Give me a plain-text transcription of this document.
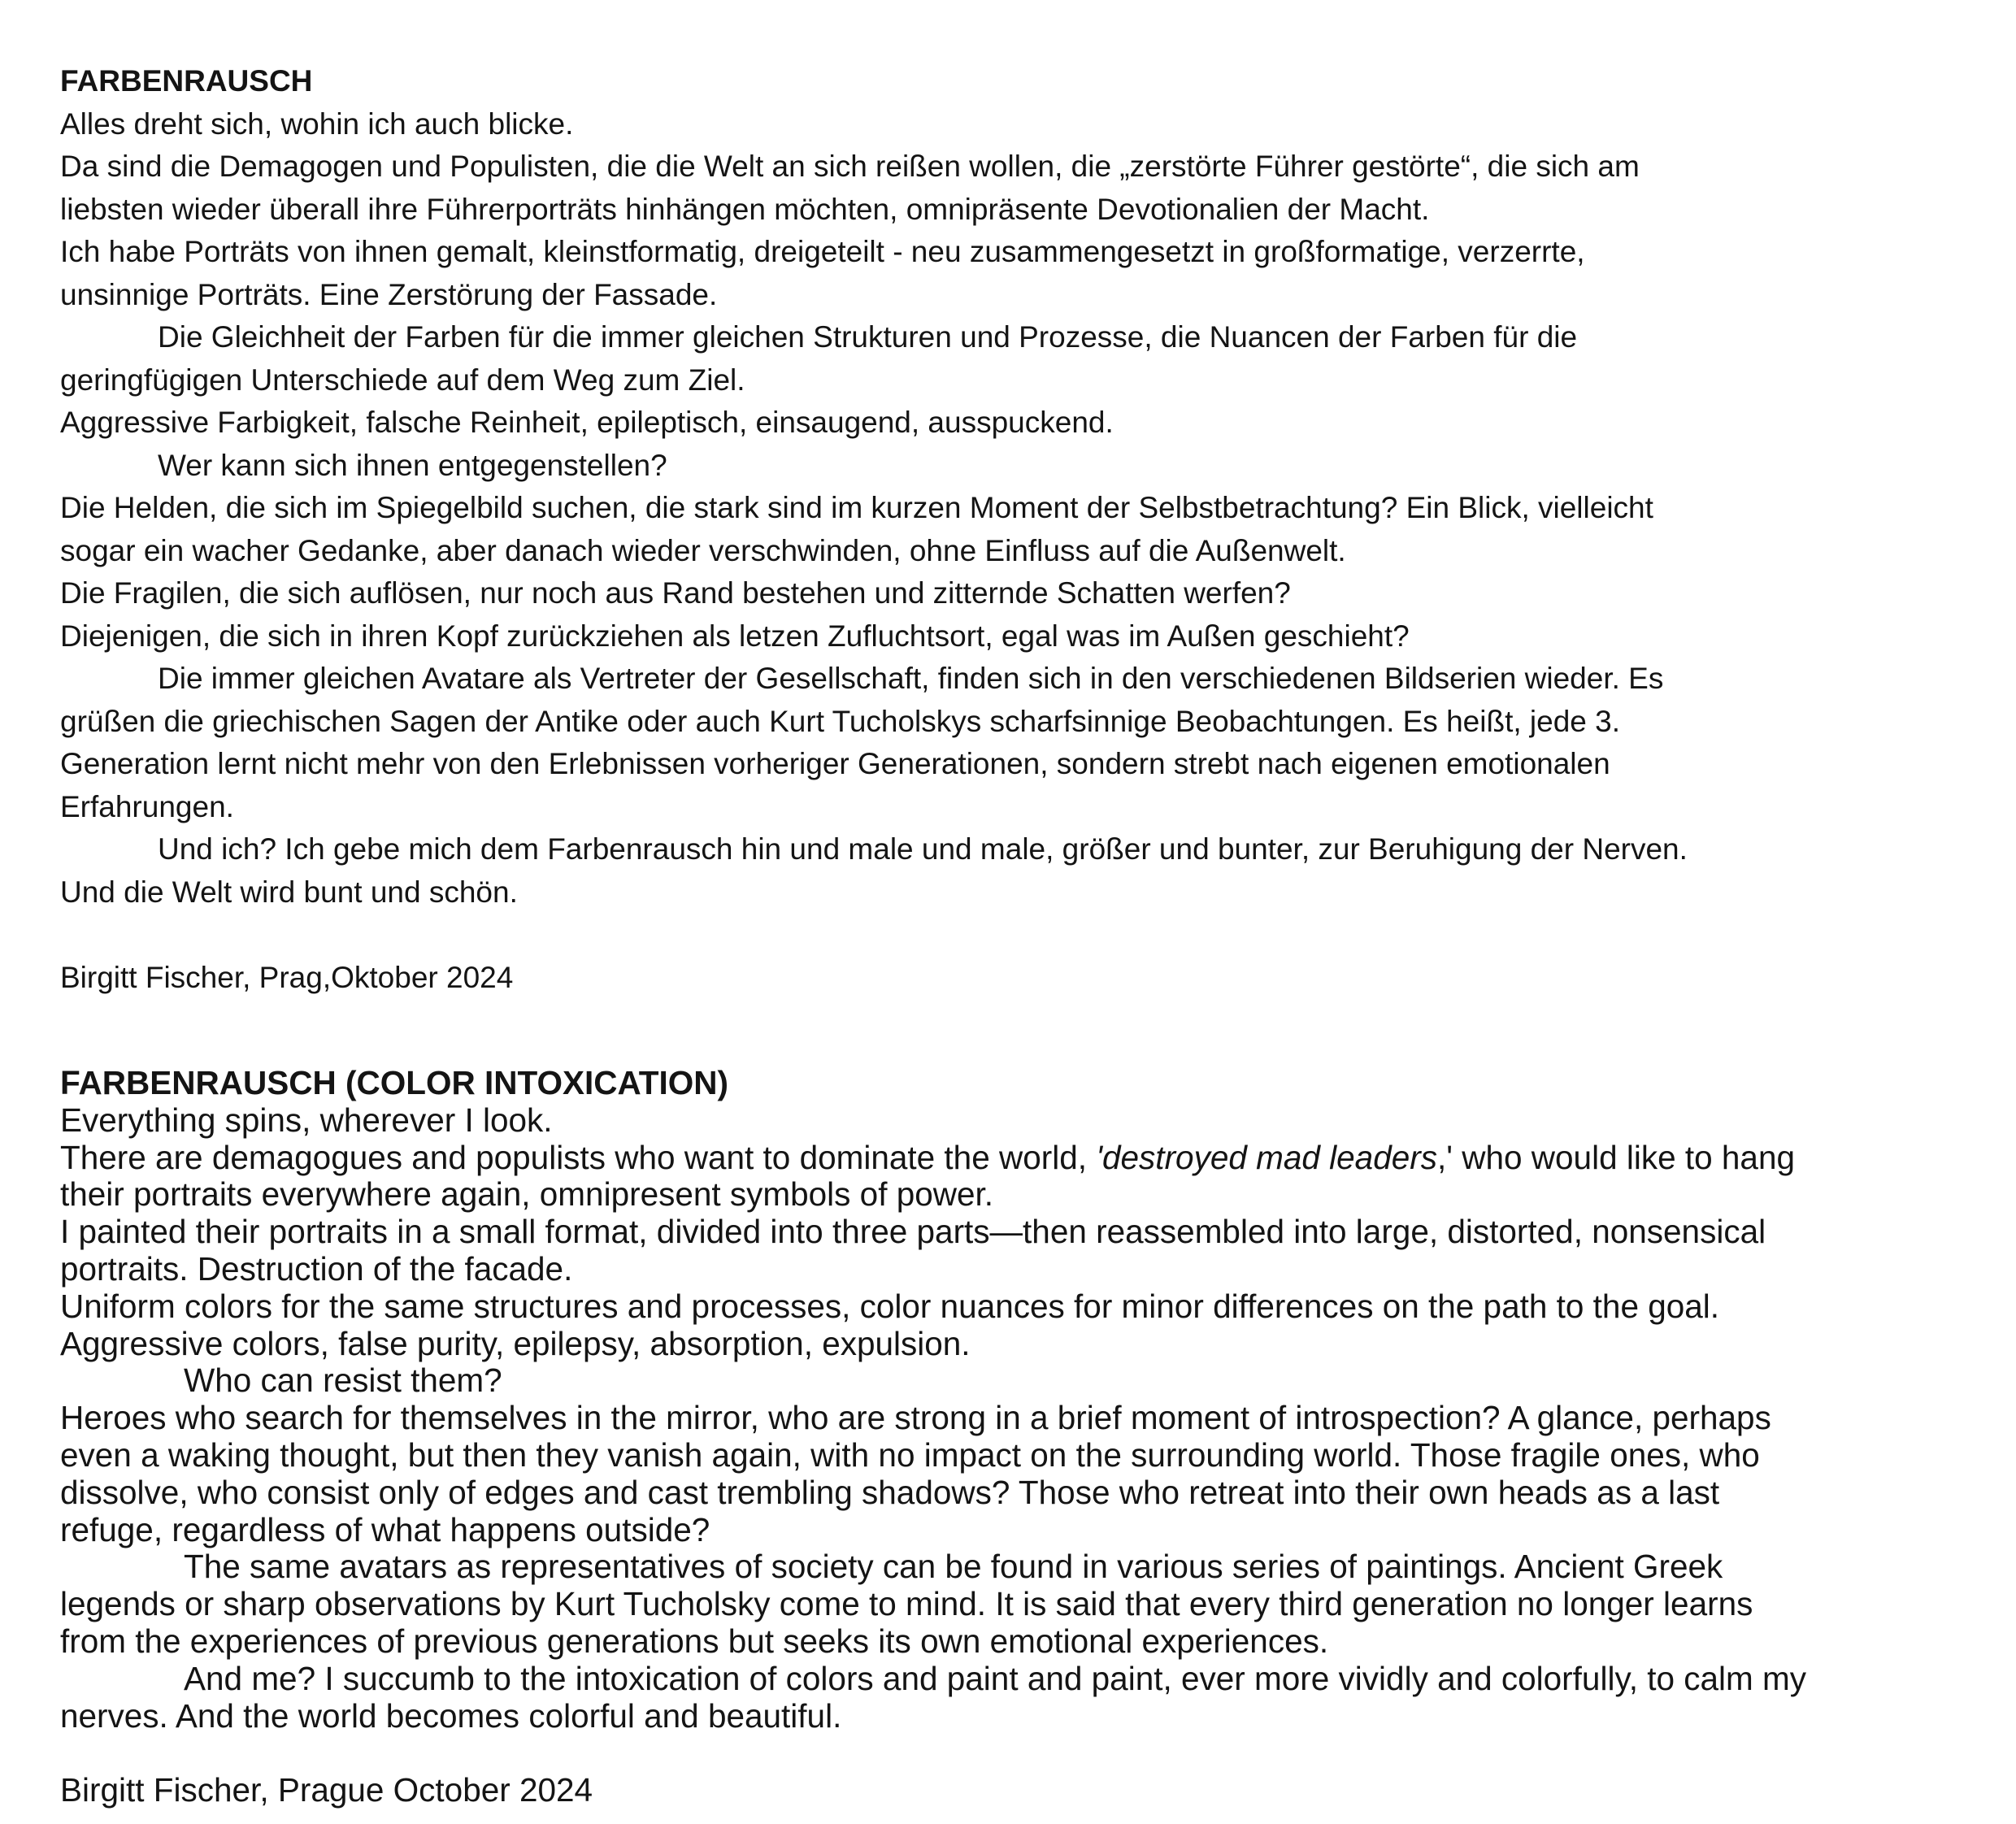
FARBENRAUSCH

Alles dreht sich, wohin ich auch blicke.

Da sind die Demagogen und Populisten, die die Welt an sich reißen wollen, die „zerstörte Führer gestörte“, die sich am

liebsten wieder überall ihre Führerporträts hinhängen möchten, omnipräsente Devotionalien der Macht.

Ich habe Porträts von ihnen gemalt, kleinstformatig, dreigeteilt - neu zusammengesetzt in großformatige, verzerrte,

unsinnige Porträts. Eine Zerstörung der Fassade.

Die Gleichheit der Farben für die immer gleichen Strukturen und Prozesse, die Nuancen der Farben für die

geringfügigen Unterschiede auf dem Weg zum Ziel.

Aggressive Farbigkeit, falsche Reinheit, epileptisch, einsaugend, ausspuckend.

Wer kann sich ihnen entgegenstellen?

Die Helden, die sich im Spiegelbild suchen, die stark sind im kurzen Moment der Selbstbetrachtung? Ein Blick, vielleicht

sogar ein wacher Gedanke, aber danach wieder verschwinden, ohne Einfluss auf die Außenwelt.

Die Fragilen, die sich auflösen, nur noch aus Rand bestehen und zitternde Schatten werfen?

Diejenigen, die sich in ihren Kopf zurückziehen als letzen Zufluchtsort, egal was im Außen geschieht?

Die immer gleichen Avatare als Vertreter der Gesellschaft, finden sich in den verschiedenen Bildserien wieder. Es

grüßen die griechischen Sagen der Antike oder auch Kurt Tucholskys scharfsinnige Beobachtungen. Es heißt, jede 3.

Generation lernt nicht mehr von den Erlebnissen vorheriger Generationen, sondern strebt nach eigenen emotionalen

Erfahrungen.

Und ich? Ich gebe mich dem Farbenrausch hin und male und male, größer und bunter, zur Beruhigung der Nerven.

Und die Welt wird bunt und schön.

Birgitt Fischer, Prag,Oktober 2024

FARBENRAUSCH (COLOR INTOXICATION)

Everything spins, wherever I look.

There are demagogues and populists who want to dominate the world, 'destroyed mad leaders,' who would like to hang

their portraits everywhere again, omnipresent symbols of power.

I painted their portraits in a small format, divided into three parts—then reassembled into large, distorted, nonsensical

portraits. Destruction of the facade.

Uniform colors for the same structures and processes, color nuances for minor differences on the path to the goal.

Aggressive colors, false purity, epilepsy, absorption, expulsion.

Who can resist them?

Heroes who search for themselves in the mirror, who are strong in a brief moment of introspection? A glance, perhaps

even a waking thought, but then they vanish again, with no impact on the surrounding world. Those fragile ones, who

dissolve, who consist only of edges and cast trembling shadows? Those who retreat into their own heads as a last

refuge, regardless of what happens outside?

The same avatars as representatives of society can be found in various series of paintings. Ancient Greek

legends or sharp observations by Kurt Tucholsky come to mind. It is said that every third generation no longer learns

from the experiences of previous generations but seeks its own emotional experiences.

And me? I succumb to the intoxication of colors and paint and paint, ever more vividly and colorfully, to calm my

nerves. And the world becomes colorful and beautiful.

Birgitt Fischer, Prague October 2024
